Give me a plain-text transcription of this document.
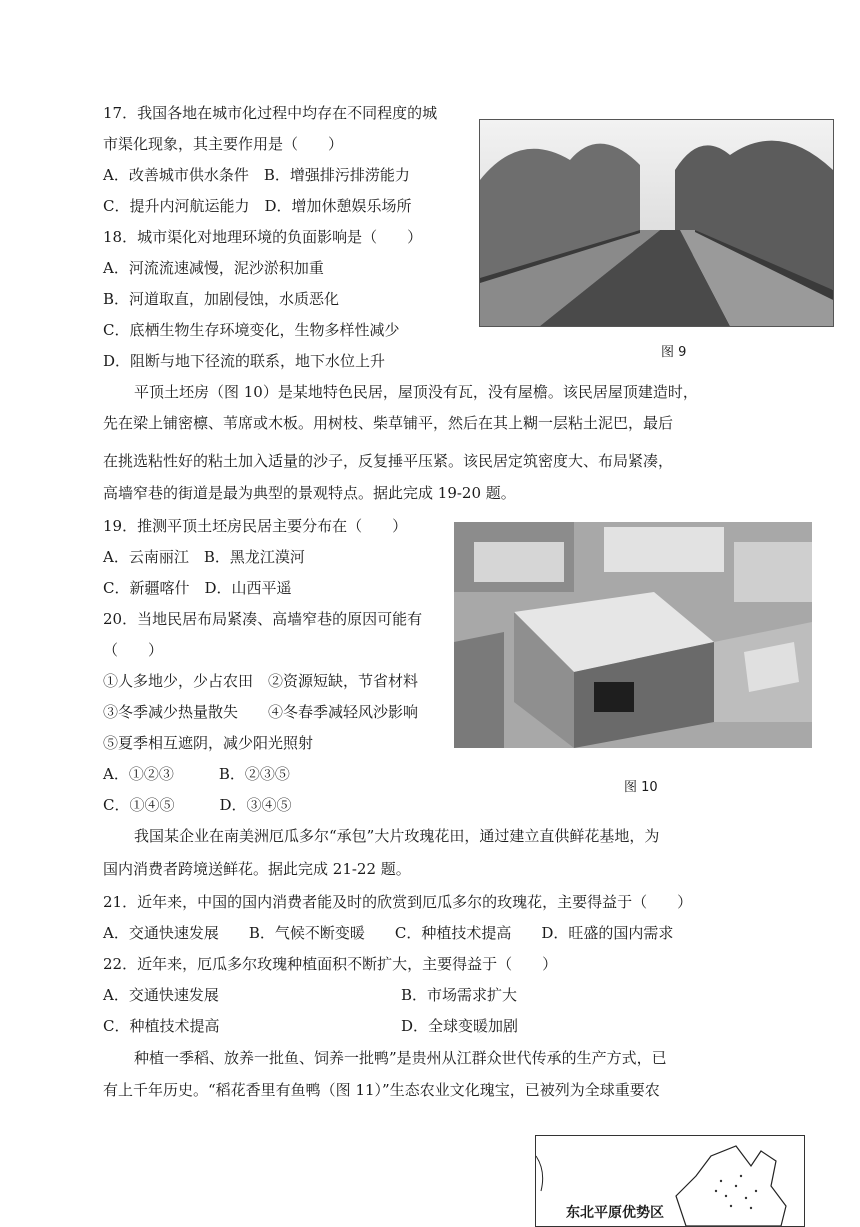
图 9
图 10
东北平原优势区
17．我国各地在城市化过程中均存在不同程度的城
市渠化现象，其主要作用是（　　）
A．改善城市供水条件　B．增强排污排涝能力
C．提升内河航运能力　D．增加休憩娱乐场所
18．城市渠化对地理环境的负面影响是（　　）
A．河流流速减慢，泥沙淤积加重
B．河道取直，加剧侵蚀，水质恶化
C．底栖生物生存环境变化，生物多样性减少
D．阻断与地下径流的联系，地下水位上升
平顶土坯房（图 10）是某地特色民居，屋顶没有瓦，没有屋檐。该民居屋顶建造时，
先在梁上铺密檩、苇席或木板。用树枝、柴草铺平，然后在其上糊一层粘土泥巴，最后
在挑选粘性好的粘土加入适量的沙子，反复捶平压紧。该民居定筑密度大、布局紧凑，
高墙窄巷的街道是最为典型的景观特点。据此完成 19-20 题。
19．推测平顶土坯房民居主要分布在（　　）
A．云南丽江　B．黑龙江漠河
C．新疆喀什　D．山西平遥
20．当地民居布局紧凑、高墙窄巷的原因可能有
（　　）
①人多地少，少占农田　②资源短缺，节省材料
③冬季减少热量散失　　④冬春季减轻风沙影响
⑤夏季相互遮阴，减少阳光照射
A．①②③　　　B．②③⑤
C．①④⑤　　　D．③④⑤
我国某企业在南美洲厄瓜多尔“承包”大片玫瑰花田，通过建立直供鲜花基地，为
国内消费者跨境送鲜花。据此完成 21-22 题。
21．近年来，中国的国内消费者能及时的欣赏到厄瓜多尔的玫瑰花，主要得益于（　　）
A．交通快速发展　　B．气候不断变暖　　C．种植技术提高　　D．旺盛的国内需求
22．近年来，厄瓜多尔玫瑰种植面积不断扩大，主要得益于（　　）
A．交通快速发展	B．市场需求扩大
C．种植技术提高	D．全球变暖加剧
种植一季稻、放养一批鱼、饲养一批鸭”是贵州从江群众世代传承的生产方式，已
有上千年历史。“稻花香里有鱼鸭（图 11）”生态农业文化瑰宝，已被列为全球重要农
